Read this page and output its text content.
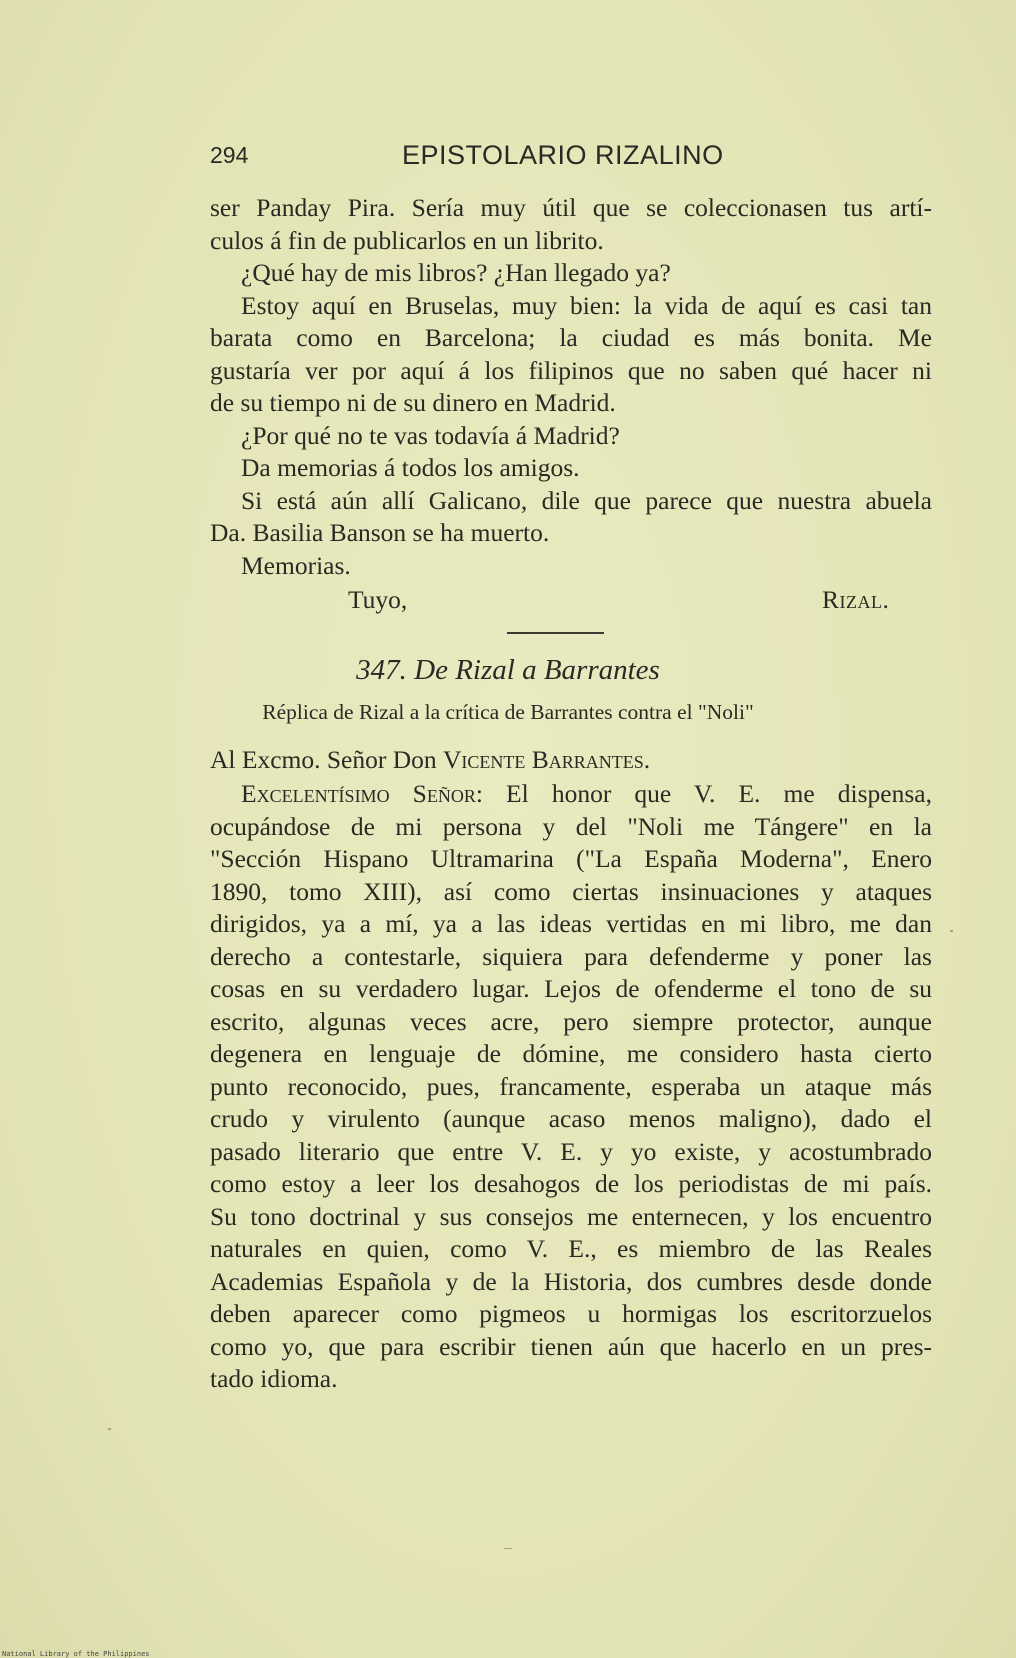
294	EPISTOLARIO RIZALINO
ser Panday Pira. Sería muy útil que se coleccionasen tus artí-
culos á fin de publicarlos en un librito.
¿Qué hay de mis libros? ¿Han llegado ya?
Estoy aquí en Bruselas, muy bien: la vida de aquí es casi tan
barata como en Barcelona; la ciudad es más bonita. Me
gustaría ver por aquí á los filipinos que no saben qué hacer ni
de su tiempo ni de su dinero en Madrid.
¿Por qué no te vas todavía á Madrid?
Da memorias á todos los amigos.
Si está aún allí Galicano, dile que parece que nuestra abuela
Da. Basilia Banson se ha muerto.
Memorias.
Tuyo,	Rizal.
347. De Rizal a Barrantes
Réplica de Rizal a la crítica de Barrantes contra el "Noli"
Al Excmo. Señor Don Vicente Barrantes.
Excelentísimo Señor: El honor que V. E. me dispensa,
ocupándose de mi persona y del "Noli me Tángere" en la
"Sección Hispano Ultramarina ("La España Moderna", Enero
1890, tomo XIII), así como ciertas insinuaciones y ataques
dirigidos, ya a mí, ya a las ideas vertidas en mi libro, me dan
derecho a contestarle, siquiera para defenderme y poner las
cosas en su verdadero lugar. Lejos de ofenderme el tono de su
escrito, algunas veces acre, pero siempre protector, aunque
degenera en lenguaje de dómine, me considero hasta cierto
punto reconocido, pues, francamente, esperaba un ataque más
crudo y virulento (aunque acaso menos maligno), dado el
pasado literario que entre V. E. y yo existe, y acostumbrado
como estoy a leer los desahogos de los periodistas de mi país.
Su tono doctrinal y sus consejos me enternecen, y los encuentro
naturales en quien, como V. E., es miembro de las Reales
Academias Española y de la Historia, dos cumbres desde donde
deben aparecer como pigmeos u hormigas los escritorzuelos
como yo, que para escribir tienen aún que hacerlo en un pres-
tado idioma.
National Library of the Philippines
